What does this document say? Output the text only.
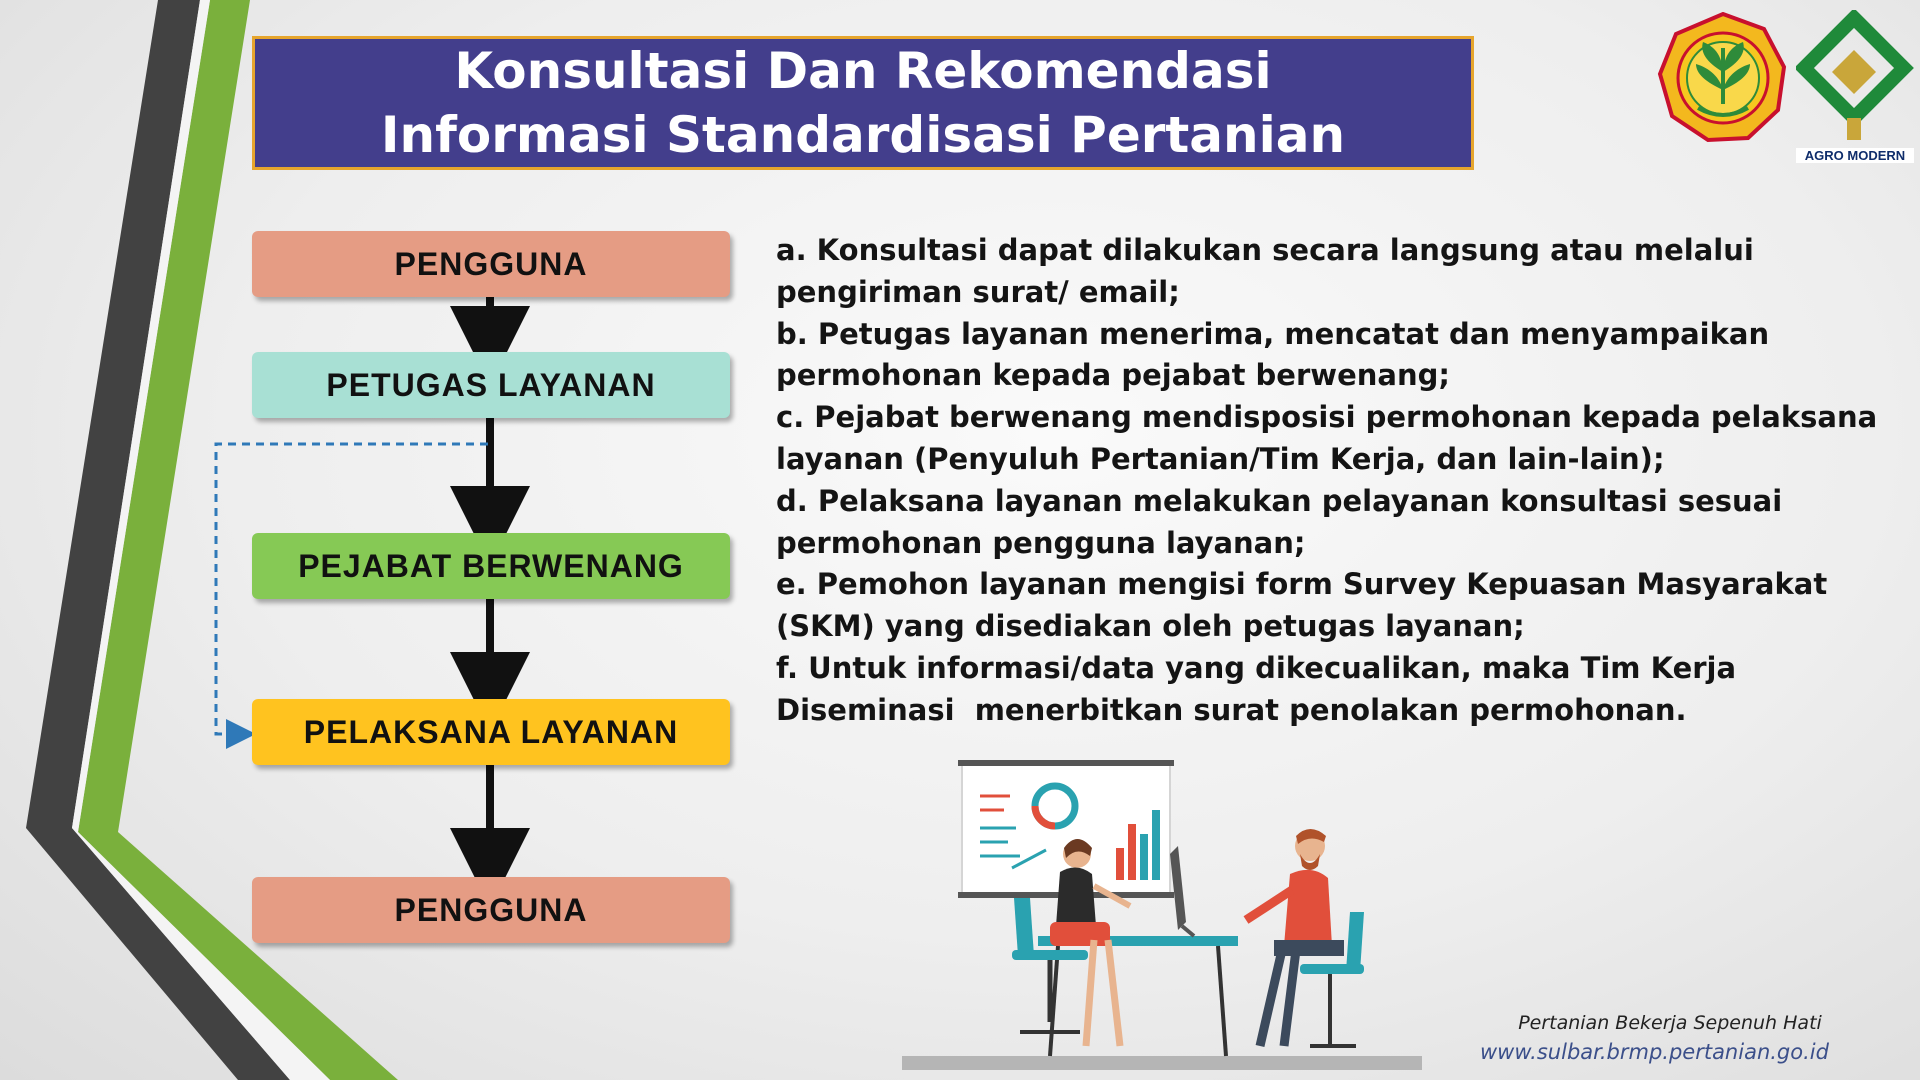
Konsultasi Dan Rekomendasi
Informasi Standardisasi Pertanian	AGRO MODERN
PENGGUNA
PETUGAS LAYANAN
PEJABAT BERWENANG
PELAKSANA LAYANAN
PENGGUNA

a. Konsultasi dapat dilakukan secara langsung atau melalui pengiriman surat/ email;

b. Petugas layanan menerima, mencatat dan menyampaikan permohonan kepada pejabat berwenang;

c. Pejabat berwenang mendisposisi permohonan kepada pelaksana layanan (Penyuluh Pertanian/Tim Kerja, dan lain-lain);

d. Pelaksana layanan melakukan pelayanan konsultasi sesuai permohonan pengguna layanan;

e. Pemohon layanan mengisi form Survey Kepuasan Masyarakat (SKM) yang disediakan oleh petugas layanan;

f. Untuk informasi/data yang dikecualikan, maka Tim Kerja Diseminasi  menerbitkan surat penolakan permohonan.

Pertanian Bekerja Sepenuh Hati
www.sulbar.brmp.pertanian.go.id
